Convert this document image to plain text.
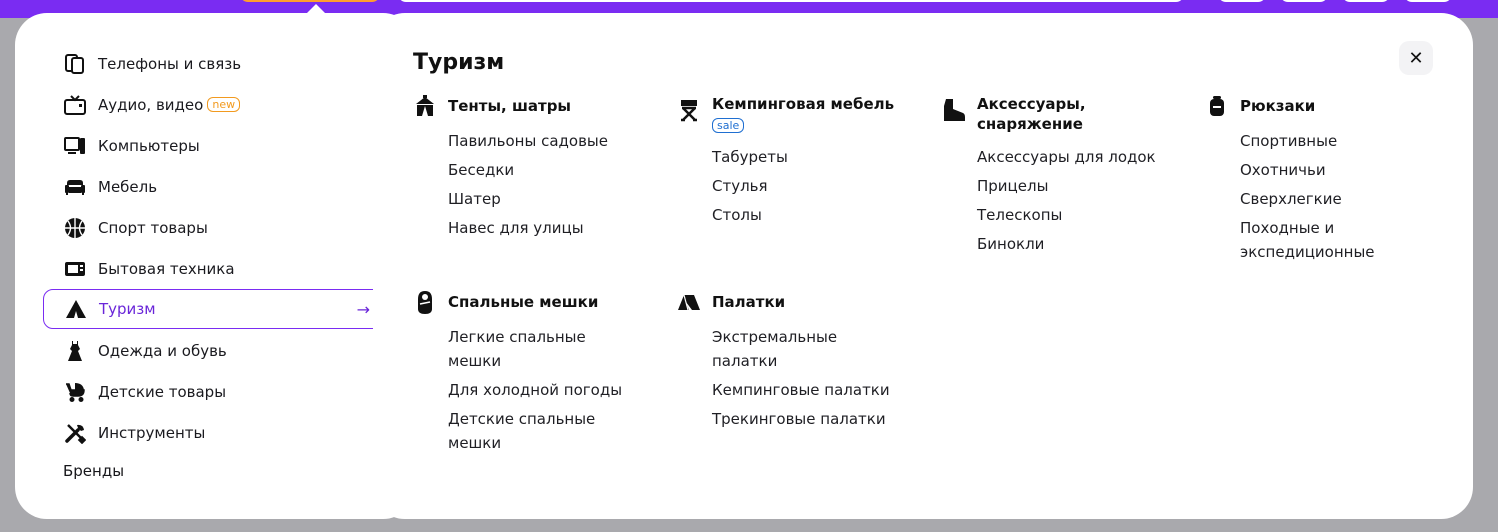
Телефоны и связь
Аудио, видео new
Компьютеры
Мебель
Спорт товары
Бытовая техника
Туризм	→
Одежда и обувь
Детские товары
Инструменты
Бренды
Туризм	✕
Тенты, шатры
Павильоны садовые
Беседки
Шатер
Навес для улицы
Кемпинговая мебель
sale
Табуреты
Стулья
Столы
Аксессуары, снаряжение
Аксессуары для лодок
Прицелы
Телескопы
Бинокли
Рюкзаки
Спортивные
Охотничьи
Сверхлегкие
Походные и экспедиционные
Спальные мешки
Легкие спальные мешки
Для холодной погоды
Детские спальные мешки
Палатки
Экстремальные палатки
Кемпинговые палатки
Трекинговые палатки
